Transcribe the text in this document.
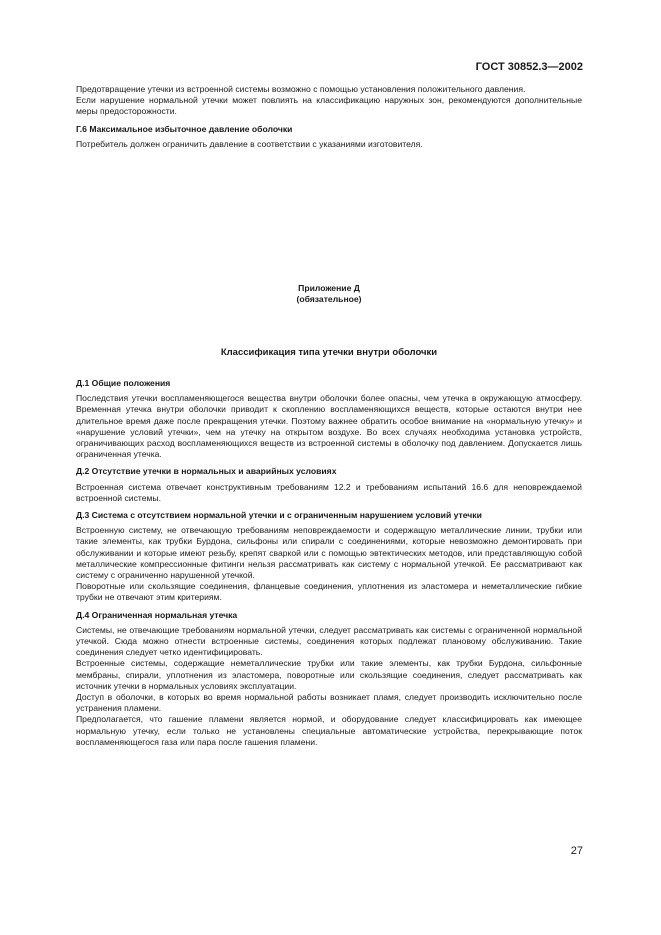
ГОСТ 30852.3—2002

Предотвращение утечки из встроенной системы возможно с помощью установления положительного давления.

Если нарушение нормальной утечки может повлиять на классификацию наружных зон, рекомендуются дополнительные меры предосторожности.

Г.6 Максимальное избыточное давление оболочки

Потребитель должен ограничить давление в соответствии с указаниями изготовителя.

Приложение Д
(обязательное)
Классификация типа утечки внутри оболочки

Д.1 Общие положения

Последствия утечки воспламеняющегося вещества внутри оболочки более опасны, чем утечка в окружающую атмосферу. Временная утечка внутри оболочки приводит к скоплению воспламеняющихся веществ, которые остаются внутри нее длительное время даже после прекращения утечки. Поэтому важнее обратить особое внимание на «нормальную утечку» и «нарушение условий утечки», чем на утечку на открытом воздухе. Во всех случаях необходима установка устройств, ограничивающих расход воспламеняющихся веществ из встроенной системы в оболочку под давлением. Допускается лишь ограниченная утечка.

Д.2 Отсутствие утечки в нормальных и аварийных условиях

Встроенная система отвечает конструктивным требованиям 12.2 и требованиям испытаний 16.6 для неповреждаемой встроенной системы.

Д.3 Система с отсутствием нормальной утечки и с ограниченным нарушением условий утечки

Встроенную систему, не отвечающую требованиям неповреждаемости и содержащую металлические линии, трубки или такие элементы, как трубки Бурдона, сильфоны или спирали с соединениями, которые невозможно демонтировать при обслуживании и которые имеют резьбу, крепят сваркой или с помощью эвтектических методов, или представляющую собой металлические компрессионные фитинги нельзя рассматривать как систему с нормальной утечкой. Ее рассматривают как систему с ограниченно нарушенной утечкой.

Поворотные или скользящие соединения, фланцевые соединения, уплотнения из эластомера и неметаллические гибкие трубки не отвечают этим критериям.

Д.4 Ограниченная нормальная утечка

Системы, не отвечающие требованиям нормальной утечки, следует рассматривать как системы с ограниченной нормальной утечкой. Сюда можно отнести встроенные системы, соединения которых подлежат плановому обслуживанию. Такие соединения следует четко идентифицировать.

Встроенные системы, содержащие неметаллические трубки или такие элементы, как трубки Бурдона, сильфонные мембраны, спирали, уплотнения из эластомера, поворотные или скользящие соединения, следует рассматривать как источник утечки в нормальных условиях эксплуатации.

Доступ в оболочки, в которых во время нормальной работы возникает пламя, следует производить исключительно после устранения пламени.

Предполагается, что гашение пламени является нормой, и оборудование следует классифицировать как имеющее нормальную утечку, если только не установлены специальные автоматические устройства, перекрывающие поток воспламеняющегося газа или пара после гашения пламени.

27
